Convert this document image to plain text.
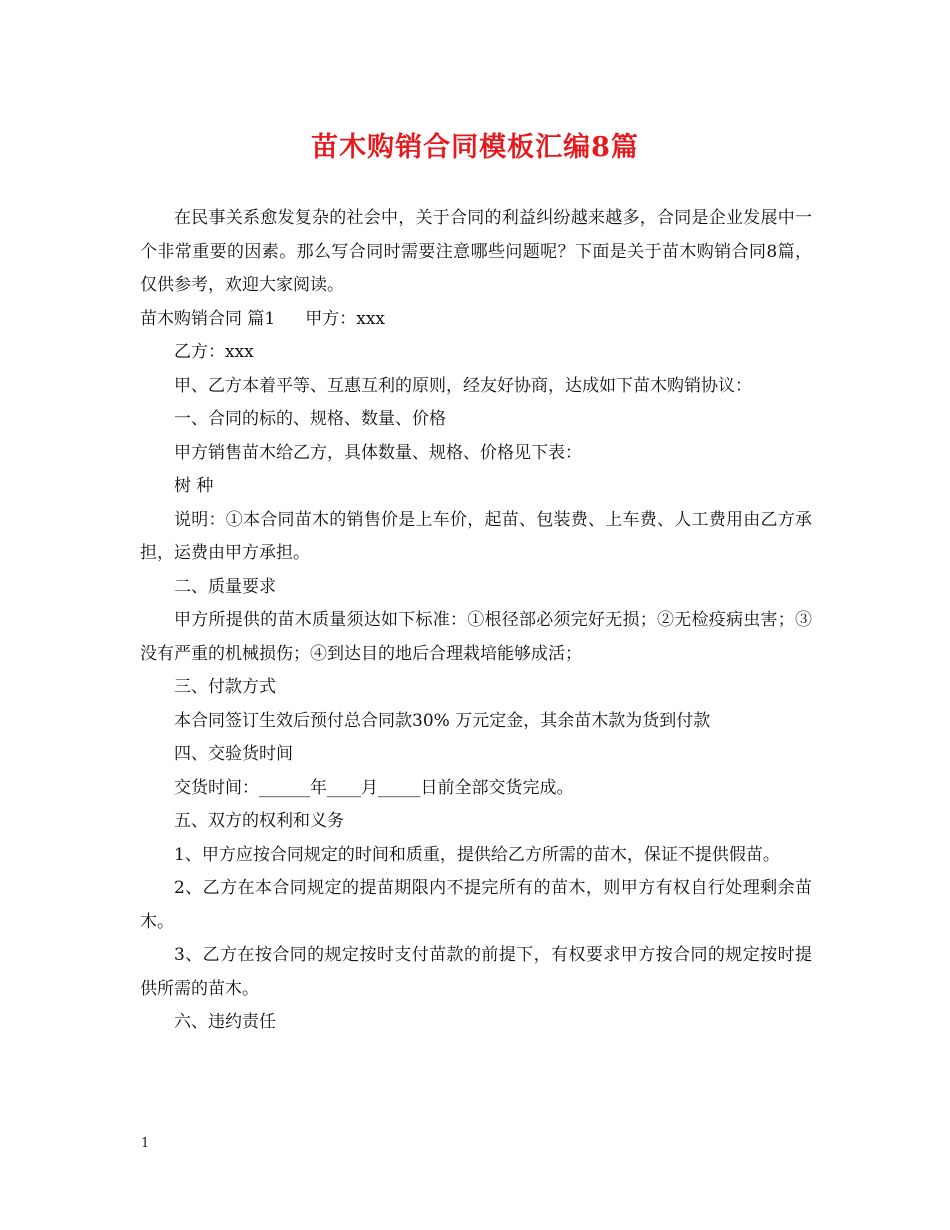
苗木购销合同模板汇编8篇

在民事关系愈发复杂的社会中，关于合同的利益纠纷越来越多，合同是企业发展中一个非常重要的因素。那么写合同时需要注意哪些问题呢？下面是关于苗木购销合同8篇，仅供参考，欢迎大家阅读。

苗木购销合同 篇1 甲方：xxx

乙方：xxx

甲、乙方本着平等、互惠互利的原则，经友好协商，达成如下苗木购销协议：

一、合同的标的、规格、数量、价格

甲方销售苗木给乙方，具体数量、规格、价格见下表：

树 种

说明：①本合同苗木的销售价是上车价，起苗、包装费、上车费、人工费用由乙方承担，运费由甲方承担。

二、质量要求

甲方所提供的苗木质量须达如下标准：①根径部必须完好无损；②无检疫病虫害；③没有严重的机械损伤；④到达目的地后合理栽培能够成活；

三、付款方式

本合同签订生效后预付总合同款30% 万元定金，其余苗木款为货到付款

四、交验货时间

交货时间：______年____月_____日前全部交货完成。

五、双方的权利和义务

1、甲方应按合同规定的时间和质重，提供给乙方所需的苗木，保证不提供假苗。

2、乙方在本合同规定的提苗期限内不提完所有的苗木，则甲方有权自行处理剩余苗木。

3、乙方在按合同的规定按时支付苗款的前提下，有权要求甲方按合同的规定按时提供所需的苗木。

六、违约责任

1
